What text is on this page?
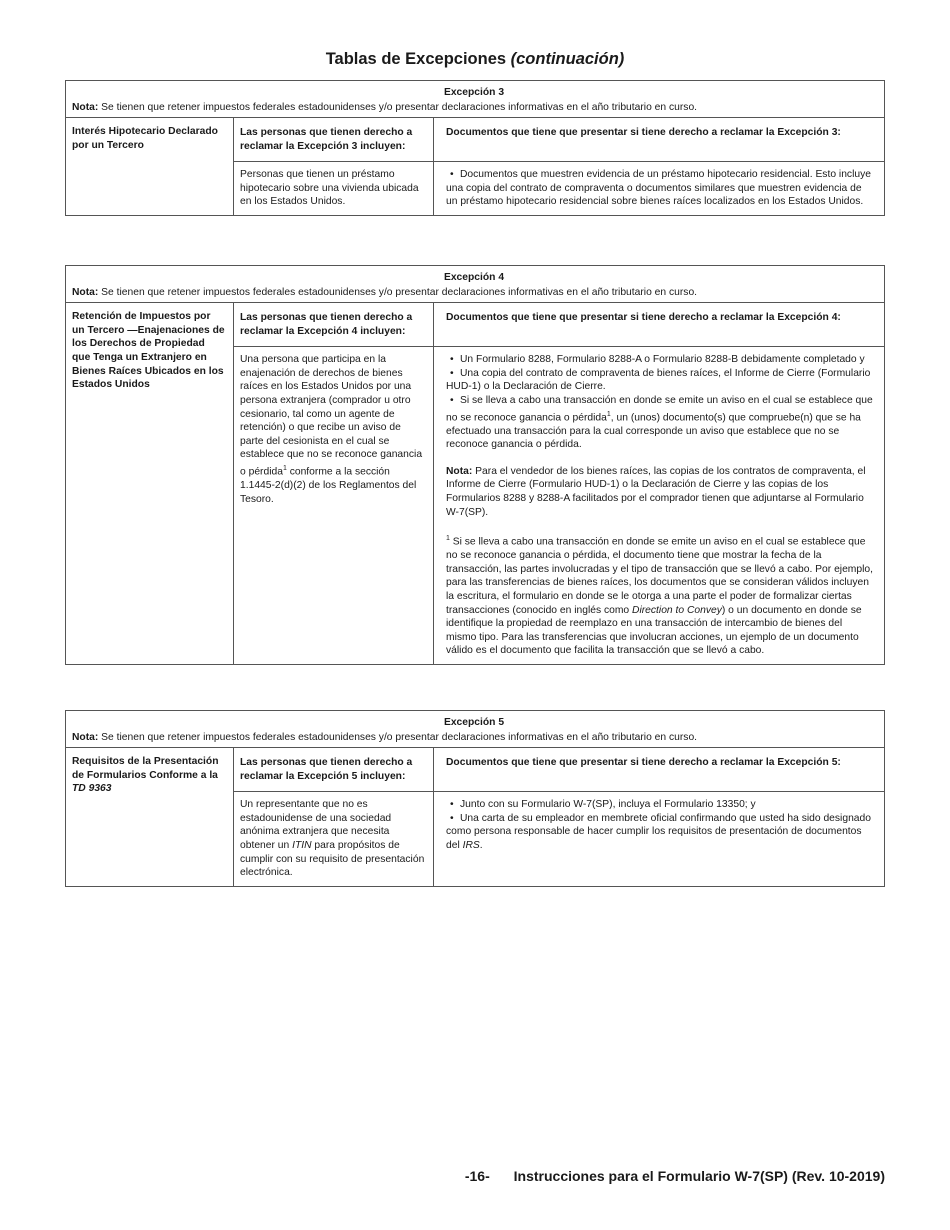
Tablas de Excepciones (continuación)
Excepción 3
Nota: Se tienen que retener impuestos federales estadounidenses y/o presentar declaraciones informativas en el año tributario en curso.
Interés Hipotecario Declarado por un Tercero
Las personas que tienen derecho a reclamar la Excepción 3 incluyen:
Personas que tienen un préstamo hipotecario sobre una vivienda ubicada en los Estados Unidos.
Documentos que tiene que presentar si tiene derecho a reclamar la Excepción 3:
• Documentos que muestren evidencia de un préstamo hipotecario residencial. Esto incluye una copia del contrato de compraventa o documentos similares que muestren evidencia de un préstamo hipotecario residencial sobre bienes raíces localizados en los Estados Unidos.
Excepción 4
Nota: Se tienen que retener impuestos federales estadounidenses y/o presentar declaraciones informativas en el año tributario en curso.
Retención de Impuestos por un Tercero —Enajenaciones de los Derechos de Propiedad que Tenga un Extranjero en Bienes Raíces Ubicados en los Estados Unidos
Las personas que tienen derecho a reclamar la Excepción 4 incluyen:
Una persona que participa en la enajenación de derechos de bienes raíces en los Estados Unidos por una persona extranjera (comprador u otro cesionario, tal como un agente de retención) o que recibe un aviso de parte del cesionista en el cual se establece que no se reconoce ganancia o pérdida$^1$ conforme a la sección 1.1445-2(d)(2) de los Reglamentos del Tesoro.
Documentos que tiene que presentar si tiene derecho a reclamar la Excepción 4:
• Un Formulario 8288, Formulario 8288-A o Formulario 8288-B debidamente completado y
• Una copia del contrato de compraventa de bienes raíces, el Informe de Cierre (Formulario HUD-1) o la Declaración de Cierre.
• Si se lleva a cabo una transacción en donde se emite un aviso en el cual se establece que no se reconoce ganancia o pérdida$^1$, un (unos) documento(s) que compruebe(n) que se ha efectuado una transacción para la cual corresponde un aviso que establece que no se reconoce ganancia o pérdida.
Nota: Para el vendedor de los bienes raíces, las copias de los contratos de compraventa, el Informe de Cierre (Formulario HUD-1) o la Declaración de Cierre y las copias de los Formularios 8288 y 8288-A facilitados por el comprador tienen que adjuntarse al Formulario W-7(SP).
$^1$ Si se lleva a cabo una transacción en donde se emite un aviso en el cual se establece que no se reconoce ganancia o pérdida, el documento tiene que mostrar la fecha de la transacción, las partes involucradas y el tipo de transacción que se llevó a cabo. Por ejemplo, para las transferencias de bienes raíces, los documentos que se consideran válidos incluyen la escritura, el formulario en donde se le otorga a una parte el poder de formalizar ciertas transacciones (conocido en inglés como Direction to Convey) o un documento en donde se identifique la propiedad de reemplazo en una transacción de intercambio de bienes del mismo tipo. Para las transferencias que involucran acciones, un ejemplo de un documento válido es el documento que facilita la transacción que se llevó a cabo.
Excepción 5
Nota: Se tienen que retener impuestos federales estadounidenses y/o presentar declaraciones informativas en el año tributario en curso.
Requisitos de la Presentación de Formularios Conforme a la TD 9363
Las personas que tienen derecho a reclamar la Excepción 5 incluyen:
Un representante que no es estadounidense de una sociedad anónima extranjera que necesita obtener un ITIN para propósitos de cumplir con su requisito de presentación electrónica.
Documentos que tiene que presentar si tiene derecho a reclamar la Excepción 5:
• Junto con su Formulario W-7(SP), incluya el Formulario 13350; y
• Una carta de su empleador en membrete oficial confirmando que usted ha sido designado como persona responsable de hacer cumplir los requisitos de presentación de documentos del IRS.
-16- Instrucciones para el Formulario W-7(SP) (Rev. 10-2019)
